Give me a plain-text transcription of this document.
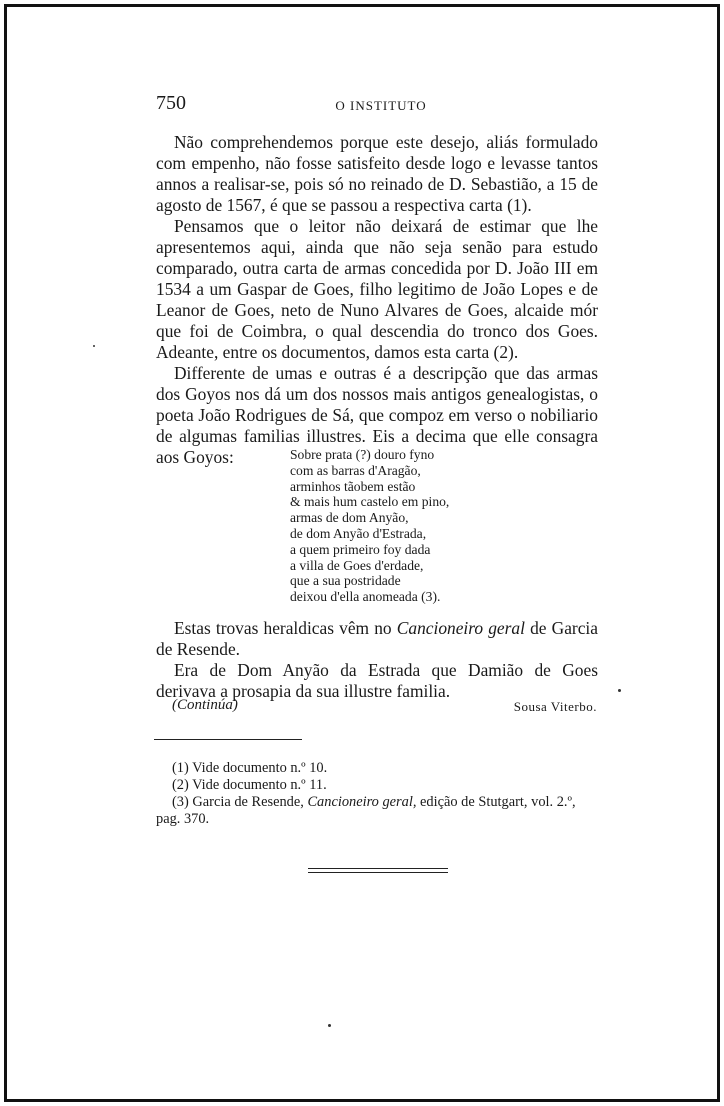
750	O INSTITUTO

Não comprehendemos porque este desejo, aliás formulado com empenho, não fosse satisfeito desde logo e levasse tantos annos a realisar-se, pois só no reinado de D. Sebastião, a 15 de agosto de 1567, é que se passou a respectiva carta (1).

Pensamos que o leitor não deixará de estimar que lhe apresentemos aqui, ainda que não seja senão para estudo comparado, outra carta de armas concedida por D. João III em 1534 a um Gaspar de Goes, filho legitimo de João Lopes e de Leanor de Goes, neto de Nuno Alvares de Goes, alcaide mór que foi de Coimbra, o qual descendia do tronco dos Goes. Adeante, entre os documentos, damos esta carta (2).

Differente de umas e outras é a descripção que das armas dos Goyos nos dá um dos nossos mais antigos genealogistas, o poeta João Rodrigues de Sá, que compoz em verso o nobiliario de algumas familias illustres. Eis a decima que elle consagra aos Goyos:	Sobre prata (?) douro fyno
com as barras d'Aragão,
arminhos tãobem estão
& mais hum castelo em pino,
armas de dom Anyão,
de dom Anyão d'Estrada,
a quem primeiro foy dada
a villa de Goes d'erdade,
que a sua postridade
deixou d'ella anomeada (3).

Estas trovas heraldicas vêm no Cancioneiro geral de Garcia de Resende.

Era de Dom Anyão da Estrada que Damião de Goes derivava a prosapia da sua illustre familia.

(Continúa)	Sousa Viterbo.
(1) Vide documento n.º 10.
(2) Vide documento n.º 11.
(3) Garcia de Resende, Cancioneiro geral, edição de Stutgart, vol. 2.º,
pag. 370.
